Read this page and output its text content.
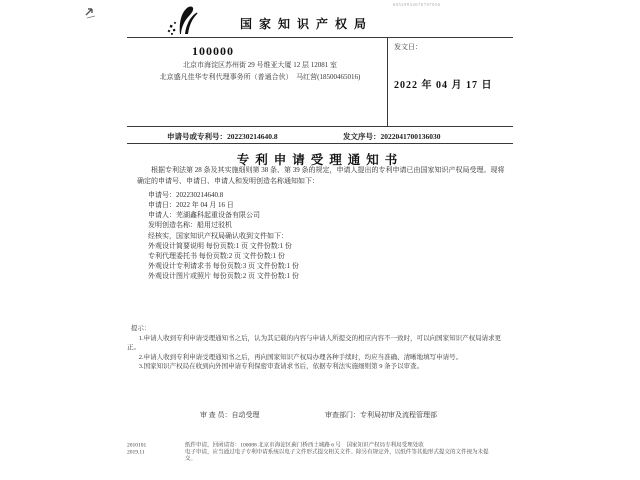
国家知识产权局
60529932670707056
100000
北京市海淀区苏州街 29 号维亚大厦 12 层 12081 室
北京盛凡佳华专利代理事务所（普通合伙）　马红营(18500465016)
发文日：
2022 年 04 月 17 日
申请号或专利号：202230214640.8	发文序号：2022041700136030
专利申请受理通知书
根据专利法第 28 条及其实施细则第 38 条、第 39 条的规定，申请人提出的专利申请已由国家知识产权局受理。现将确定的申请号、申请日、申请人和发明创造名称通知如下：
申请号：202230214640.8
申请日：2022 年 04 月 16 日
申请人：芜湖鑫科起重设备有限公司
发明创造名称：船用过驳机
经核实，国家知识产权局确认收到文件如下：
外观设计简要说明 每份页数:1 页 文件份数:1 份
专利代理委托书 每份页数:2 页 文件份数:1 份
外观设计专利请求书 每份页数:3 页 文件份数:1 份
外观设计图片或照片 每份页数:2 页 文件份数:1 份
提示：

1.申请人收到专利申请受理通知书之后，认为其记载的内容与申请人所提交的相应内容不一致时，可以向国家知识产权局请求更正。

2.申请人收到专利申请受理通知书之后，再向国家知识产权局办理各种手续时，均应当准确、清晰地填写申请号。

3.国家知识产权局在收到向外国申请专利保密审查请求书后，依据专利法实施细则第 9 条予以审查。

审 查 员：自动受理	审查部门：专利局初审及流程管理部
2010101
2019.11
纸件申请，回函请寄：100088 北京市海淀区蓟门桥西土城路 6 号　国家知识产权局专利局受理处收
电子申请，应当通过电子专利申请系统以电子文件形式提交相关文件。除另有规定外，以纸件等其他形式提交的文件视为未提交。
